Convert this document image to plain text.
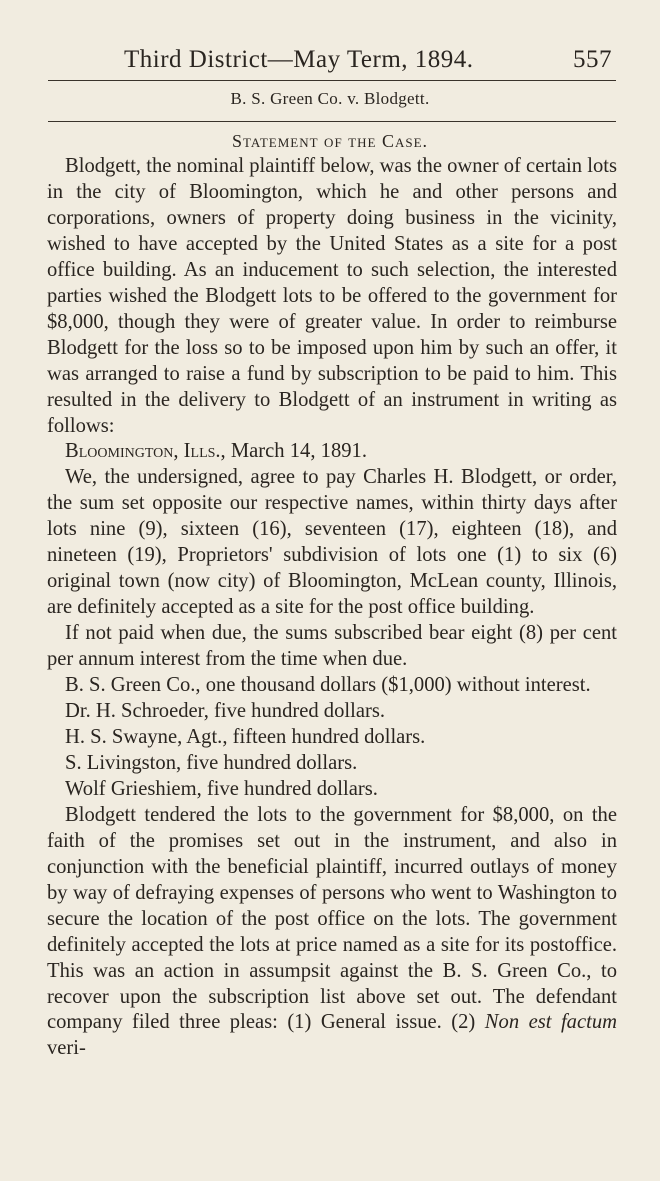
Third District—May Term, 1894.	557
B. S. Green Co. v. Blodgett.
Statement of the Case.

Blodgett, the nominal plaintiff below, was the owner of certain lots in the city of Bloomington, which he and other persons and corporations, owners of property doing business in the vicinity, wished to have accepted by the United States as a site for a post office building. As an inducement to such selection, the interested parties wished the Blodgett lots to be offered to the government for $8,000, though they were of greater value. In order to reimburse Blodgett for the loss so to be imposed upon him by such an offer, it was arranged to raise a fund by subscription to be paid to him. This resulted in the delivery to Blodgett of an instrument in writing as follows:

Bloomington, Ills., March 14, 1891.

We, the undersigned, agree to pay Charles H. Blodgett, or order, the sum set opposite our respective names, within thirty days after lots nine (9), sixteen (16), seventeen (17), eighteen (18), and nineteen (19), Proprietors' subdivision of lots one (1) to six (6) original town (now city) of Bloomington, McLean county, Illinois, are definitely accepted as a site for the post office building.

If not paid when due, the sums subscribed bear eight (8) per cent per annum interest from the time when due.

B. S. Green Co., one thousand dollars ($1,000) without interest.

Dr. H. Schroeder, five hundred dollars.

H. S. Swayne, Agt., fifteen hundred dollars.

S. Livingston, five hundred dollars.

Wolf Grieshiem, five hundred dollars.

Blodgett tendered the lots to the government for $8,000, on the faith of the promises set out in the instrument, and also in conjunction with the beneficial plaintiff, incurred outlays of money by way of defraying expenses of persons who went to Washington to secure the location of the post office on the lots. The government definitely accepted the lots at price named as a site for its postoffice. This was an action in assumpsit against the B. S. Green Co., to recover upon the subscription list above set out. The defendant company filed three pleas: (1) General issue. (2) Non est factum veri-
